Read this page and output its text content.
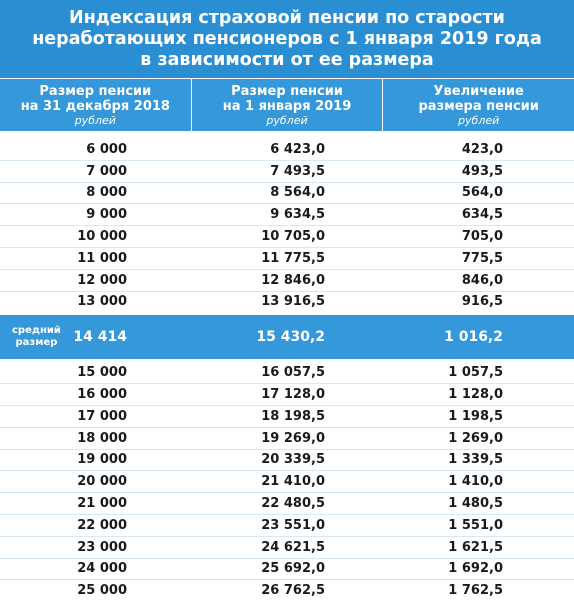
Индексация страховой пенсии по старости
неработающих пенсионеров с 1 января 2019 года
в зависимости от ее размера
Размер пенсии
на 31 декабря 2018
рублей
Размер пенсии
на 1 января 2019
рублей
Увеличение
размера пенсии
рублей
6 000	6 423,0	423,0
7 000	7 493,5	493,5
8 000	8 564,0	564,0
9 000	9 634,5	634,5
10 000	10 705,0	705,0
11 000	11 775,5	775,5
12 000	12 846,0	846,0
13 000	13 916,5	916,5
средний
размер	14 414	15 430,2	1 016,2
15 000	16 057,5	1 057,5
16 000	17 128,0	1 128,0
17 000	18 198,5	1 198,5
18 000	19 269,0	1 269,0
19 000	20 339,5	1 339,5
20 000	21 410,0	1 410,0
21 000	22 480,5	1 480,5
22 000	23 551,0	1 551,0
23 000	24 621,5	1 621,5
24 000	25 692,0	1 692,0
25 000	26 762,5	1 762,5
